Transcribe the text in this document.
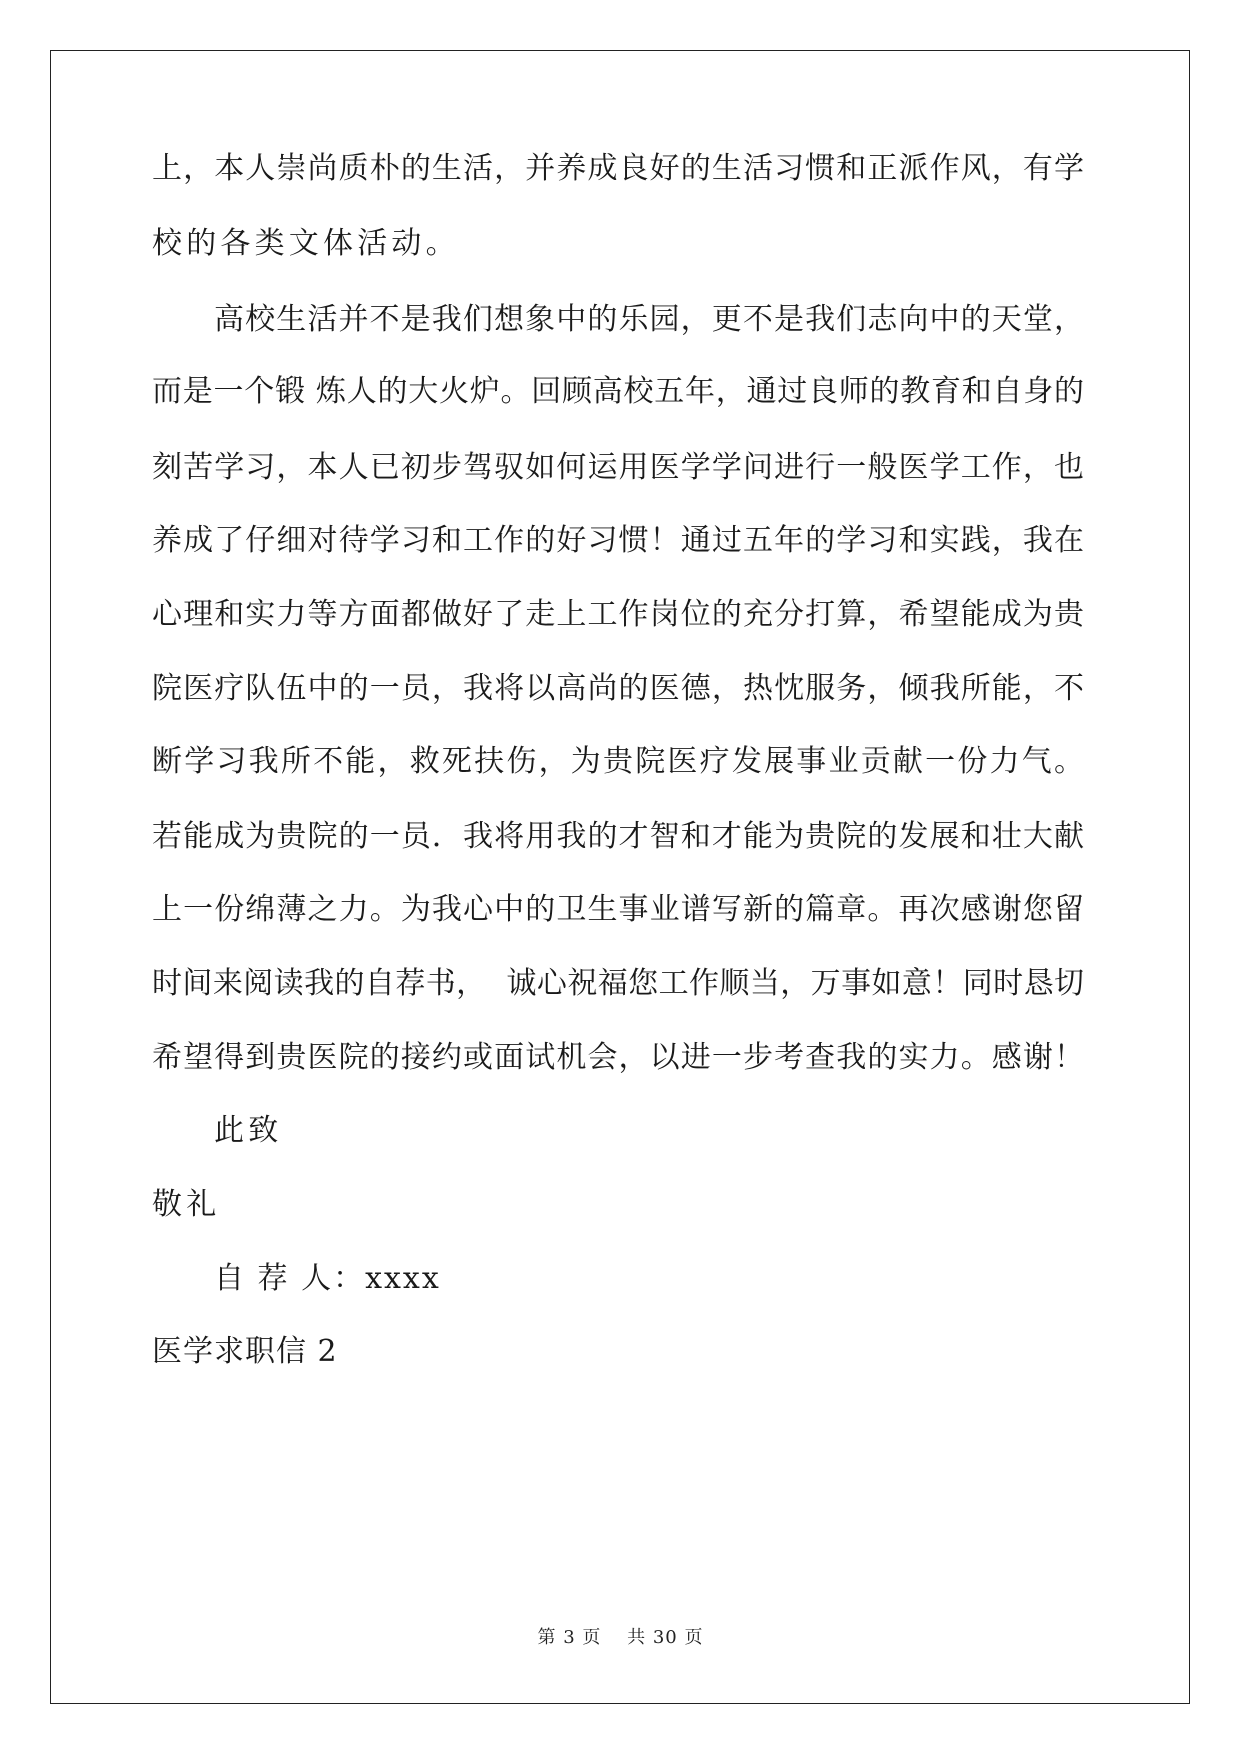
上，本人崇尚质朴的生活，并养成良好的生活习惯和正派作风，有学
校的各类文体活动。
高校生活并不是我们想象中的乐园，更不是我们志向中的天堂，
而是一个锻 炼人的大火炉。回顾高校五年，通过良师的教育和自身的
刻苦学习，本人已初步驾驭如何运用医学学问进行一般医学工作，也
养成了仔细对待学习和工作的好习惯！通过五年的学习和实践，我在
心理和实力等方面都做好了走上工作岗位的充分打算，希望能成为贵
院医疗队伍中的一员，我将以高尚的医德，热忱服务，倾我所能，不
断学习我所不能，救死扶伤，为贵院医疗发展事业贡献一份力气。
若能成为贵院的一员．我将用我的才智和才能为贵院的发展和壮大献
上一份绵薄之力。为我心中的卫生事业谱写新的篇章。再次感谢您留
时间来阅读我的自荐书，  诚心祝福您工作顺当，万事如意！同时恳切
希望得到贵医院的接约或面试机会，以进一步考查我的实力。感谢！
此致
敬礼
自 荐 人：xxxx
医学求职信 2
第 3 页　 共 30 页
